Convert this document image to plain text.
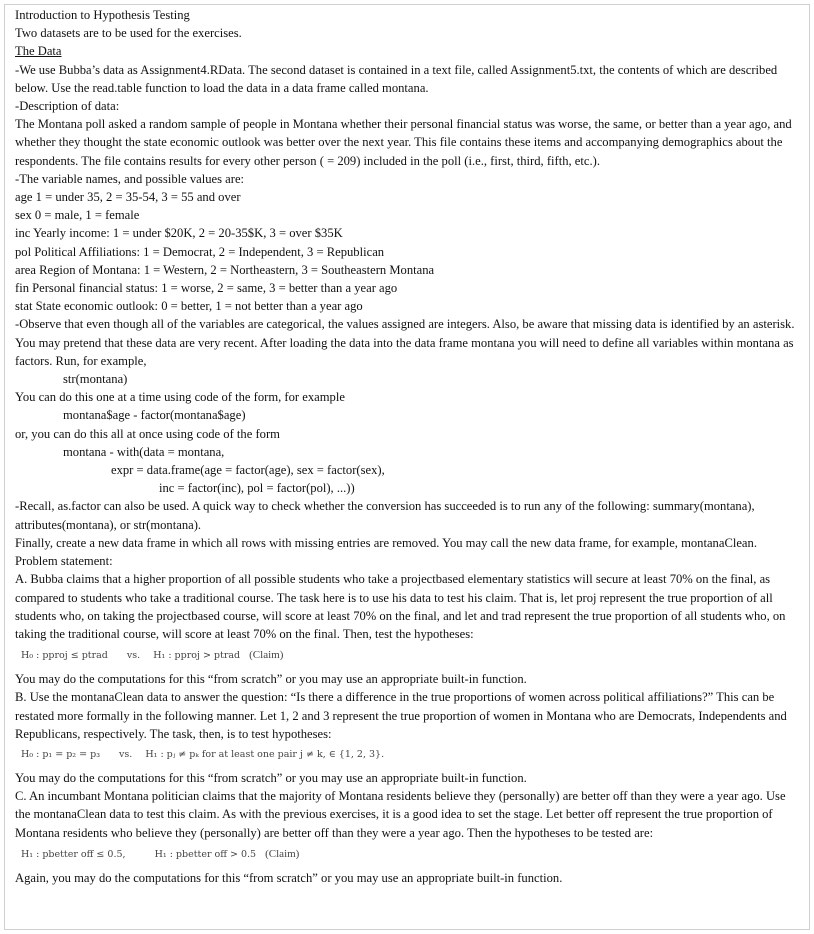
Introduction to Hypothesis Testing

Two datasets are to be used for the exercises.

The Data

-We use Bubba’s data as Assignment4.RData. The second dataset is contained in a text file, called Assignment5.txt, the contents of which are described below. Use the read.table function to load the data in a data frame called montana.

-Description of data:

The Montana poll asked a random sample of people in Montana whether their personal financial status was worse, the same, or better than a year ago, and whether they thought the state economic outlook was better over the next year. This file contains these items and accompanying demographics about the respondents. The file contains results for every other person ( = 209) included in the poll (i.e., first, third, fifth, etc.).

-The variable names, and possible values are:

age 1 = under 35, 2 = 35-54, 3 = 55 and over

sex 0 = male, 1 = female

inc Yearly income: 1 = under $20K, 2 = 20-35$K, 3 = over $35K

pol Political Affiliations: 1 = Democrat, 2 = Independent, 3 = Republican

area Region of Montana: 1 = Western, 2 = Northeastern, 3 = Southeastern Montana

fin Personal financial status: 1 = worse, 2 = same, 3 = better than a year ago

stat State economic outlook: 0 = better, 1 = not better than a year ago

-Observe that even though all of the variables are categorical, the values assigned are integers. Also, be aware that missing data is identified by an asterisk. You may pretend that these data are very recent. After loading the data into the data frame montana you will need to define all variables within montana as factors. Run, for example,

str(montana)

You can do this one at a time using code of the form, for example

montana$age - factor(montana$age)

or, you can do this all at once using code of the form

montana - with(data = montana,

expr = data.frame(age = factor(age), sex = factor(sex),

inc = factor(inc), pol = factor(pol), ...))

-Recall, as.factor can also be used. A quick way to check whether the conversion has succeeded is to run any of the following: summary(montana), attributes(montana), or str(montana).

Finally, create a new data frame in which all rows with missing entries are removed. You may call the new data frame, for example, montanaClean.

Problem statement:

A. Bubba claims that a higher proportion of all possible students who take a projectbased elementary statistics will secure at least 70% on the final, as compared to students who take a traditional course. The task here is to use his data to test his claim. That is, let proj represent the true proportion of all students who, on taking the projectbased course, will score at least 70% on the final, and let and trad represent the true proportion of all students who, on taking the traditional course, will score at least 70% on the final. Then, test the hypotheses:

H₀ : pproj ≤ ptrad vs. H₁ : pproj > ptrad (Claim)

You may do the computations for this “from scratch” or you may use an appropriate built-in function.

B. Use the montanaClean data to answer the question: “Is there a difference in the true proportions of women across political affiliations?” This can be restated more formally in the following manner. Let 1, 2 and 3 represent the true proportion of women in Montana who are Democrats, Independents and Republicans, respectively. The task, then, is to test hypotheses:

H₀ : p₁ = p₂ = p₃ vs. H₁ : pⱼ ≠ pₖ for at least one pair j ≠ k, ∈ {1, 2, 3}.

You may do the computations for this “from scratch” or you may use an appropriate built-in function.

C. An incumbant Montana politician claims that the majority of Montana residents believe they (personally) are better off than they were a year ago. Use the montanaClean data to test this claim. As with the previous exercises, it is a good idea to set the stage. Let better off represent the true proportion of Montana residents who believe they (personally) are better off than they were a year ago. Then the hypotheses to be tested are:

H₁ : pbetter off ≤ 0.5,	H₁ : pbetter off > 0.5 (Claim)

Again, you may do the computations for this “from scratch” or you may use an appropriate built-in function.
